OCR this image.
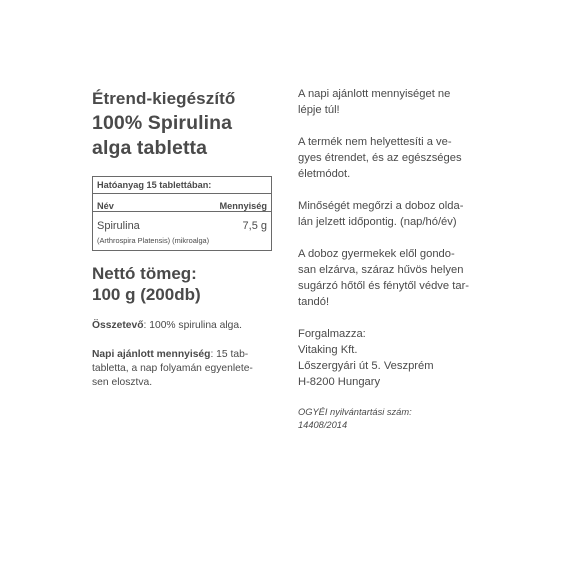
Étrend-kiegészítő
100% Spirulina
alga tabletta
Hatóanyag 15 tablettában:	
Név	Mennyiség
Spirulina	7,5 g
(Arthrospira Platensis) (mikroalga)	
Nettó tömeg:
100 g (200db)
Összetevő: 100% spirulina alga.
Napi ajánlott mennyiség: 15 tab-
tabletta, a nap folyamán egyenlete-
sen elosztva.
A napi ajánlott mennyiséget ne
lépje túl!
A termék nem helyettesíti a ve-
gyes étrendet, és az egészséges
életmódot.
Minőségét megőrzi a doboz olda-
lán jelzett időpontig. (nap/hó/év)
A doboz gyermekek elől gondo-
san elzárva, száraz hűvös helyen
sugárzó hőtől és fénytől védve tar-
tandó!
Forgalmazza:
Vitaking Kft.
Lőszergyári út 5. Veszprém
H-8200 Hungary

OGYÉI nyilvántartási szám:

14408/2014
